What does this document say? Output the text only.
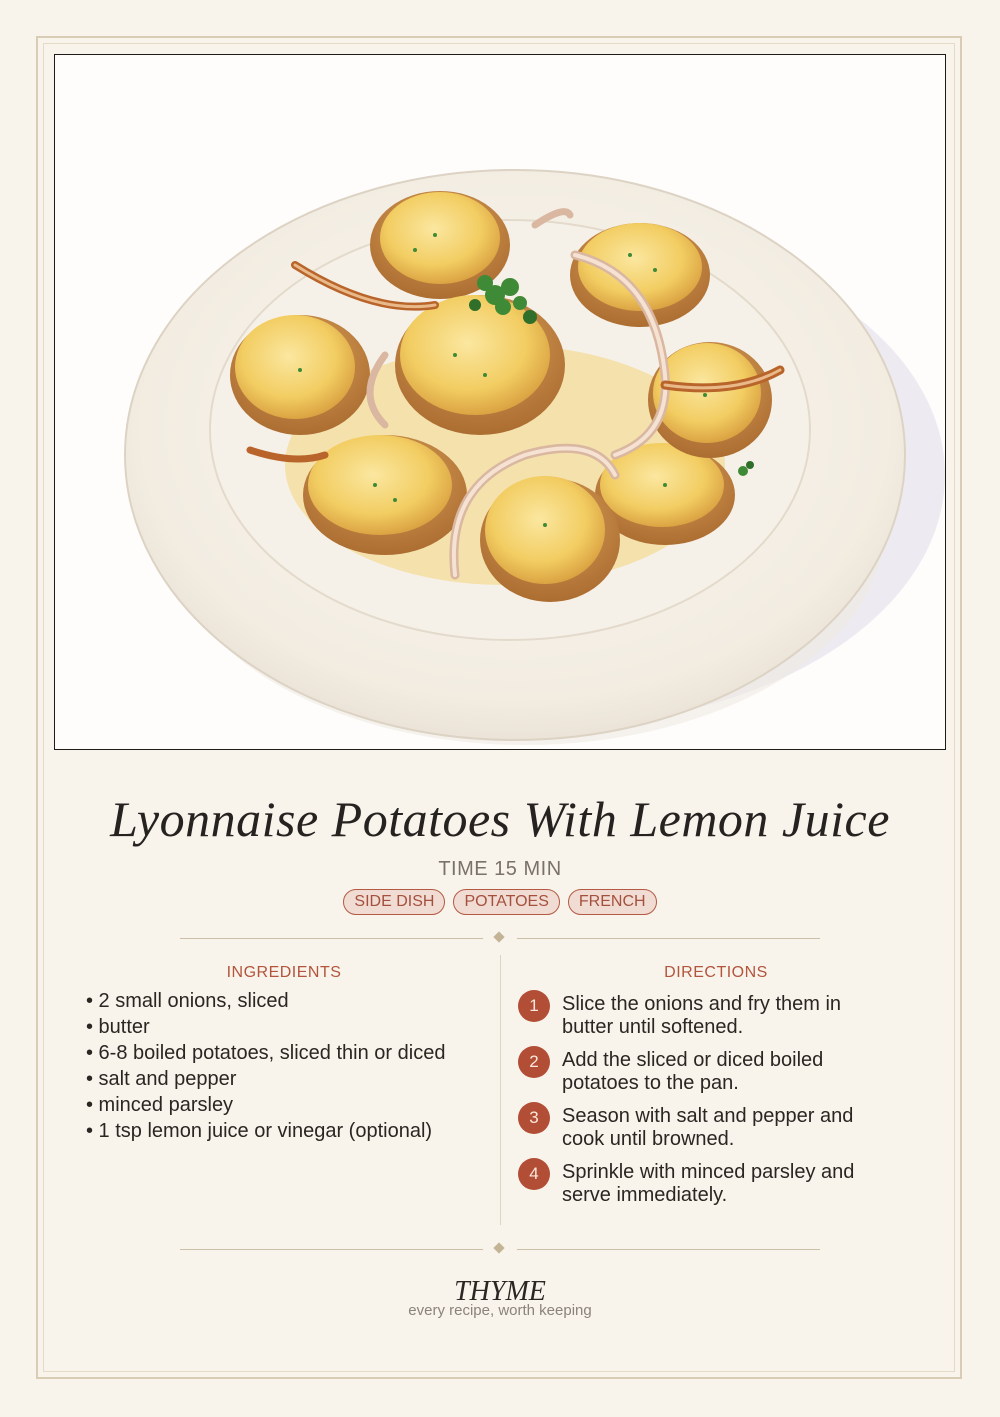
Lyonnaise Potatoes With Lemon Juice
TIME 15 MIN
SIDE DISH	POTATOES	FRENCH
INGREDIENTS	DIRECTIONS
• 2 small onions, sliced
• butter
• 6-8 boiled potatoes, sliced thin or diced
• salt and pepper
• minced parsley
• 1 tsp lemon juice or vinegar (optional)
1	Slice the onions and fry them in butter until softened.
2	Add the sliced or diced boiled potatoes to the pan.
3	Season with salt and pepper and cook until browned.
4	Sprinkle with minced parsley and serve immediately.
THYME
every recipe, worth keeping
